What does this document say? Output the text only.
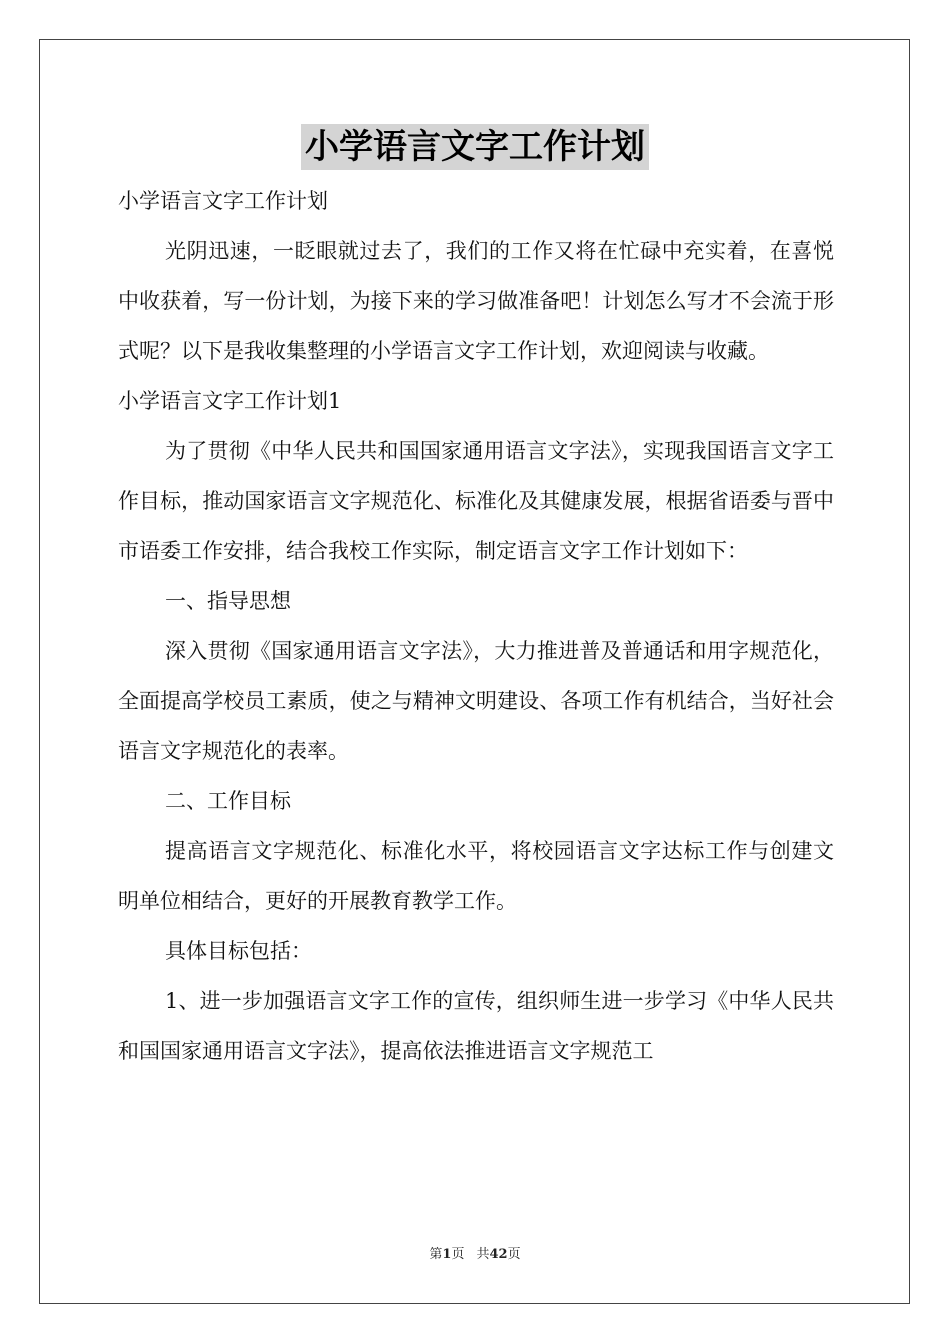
小学语言文字工作计划

小学语言文字工作计划

光阴迅速，一眨眼就过去了，我们的工作又将在忙碌中充实着，在喜悦中收获着，写一份计划，为接下来的学习做准备吧！计划怎么写才不会流于形式呢？以下是我收集整理的小学语言文字工作计划，欢迎阅读与收藏。

小学语言文字工作计划1

为了贯彻《中华人民共和国国家通用语言文字法》，实现我国语言文字工作目标，推动国家语言文字规范化、标准化及其健康发展，根据省语委与晋中市语委工作安排，结合我校工作实际，制定语言文字工作计划如下：

一、指导思想

深入贯彻《国家通用语言文字法》，大力推进普及普通话和用字规范化，全面提高学校员工素质，使之与精神文明建设、各项工作有机结合，当好社会语言文字规范化的表率。

二、工作目标

提高语言文字规范化、标准化水平，将校园语言文字达标工作与创建文明单位相结合，更好的开展教育教学工作。

具体目标包括：

1、进一步加强语言文字工作的宣传，组织师生进一步学习《中华人民共和国国家通用语言文字法》，提高依法推进语言文字规范工

第1页 共42页
